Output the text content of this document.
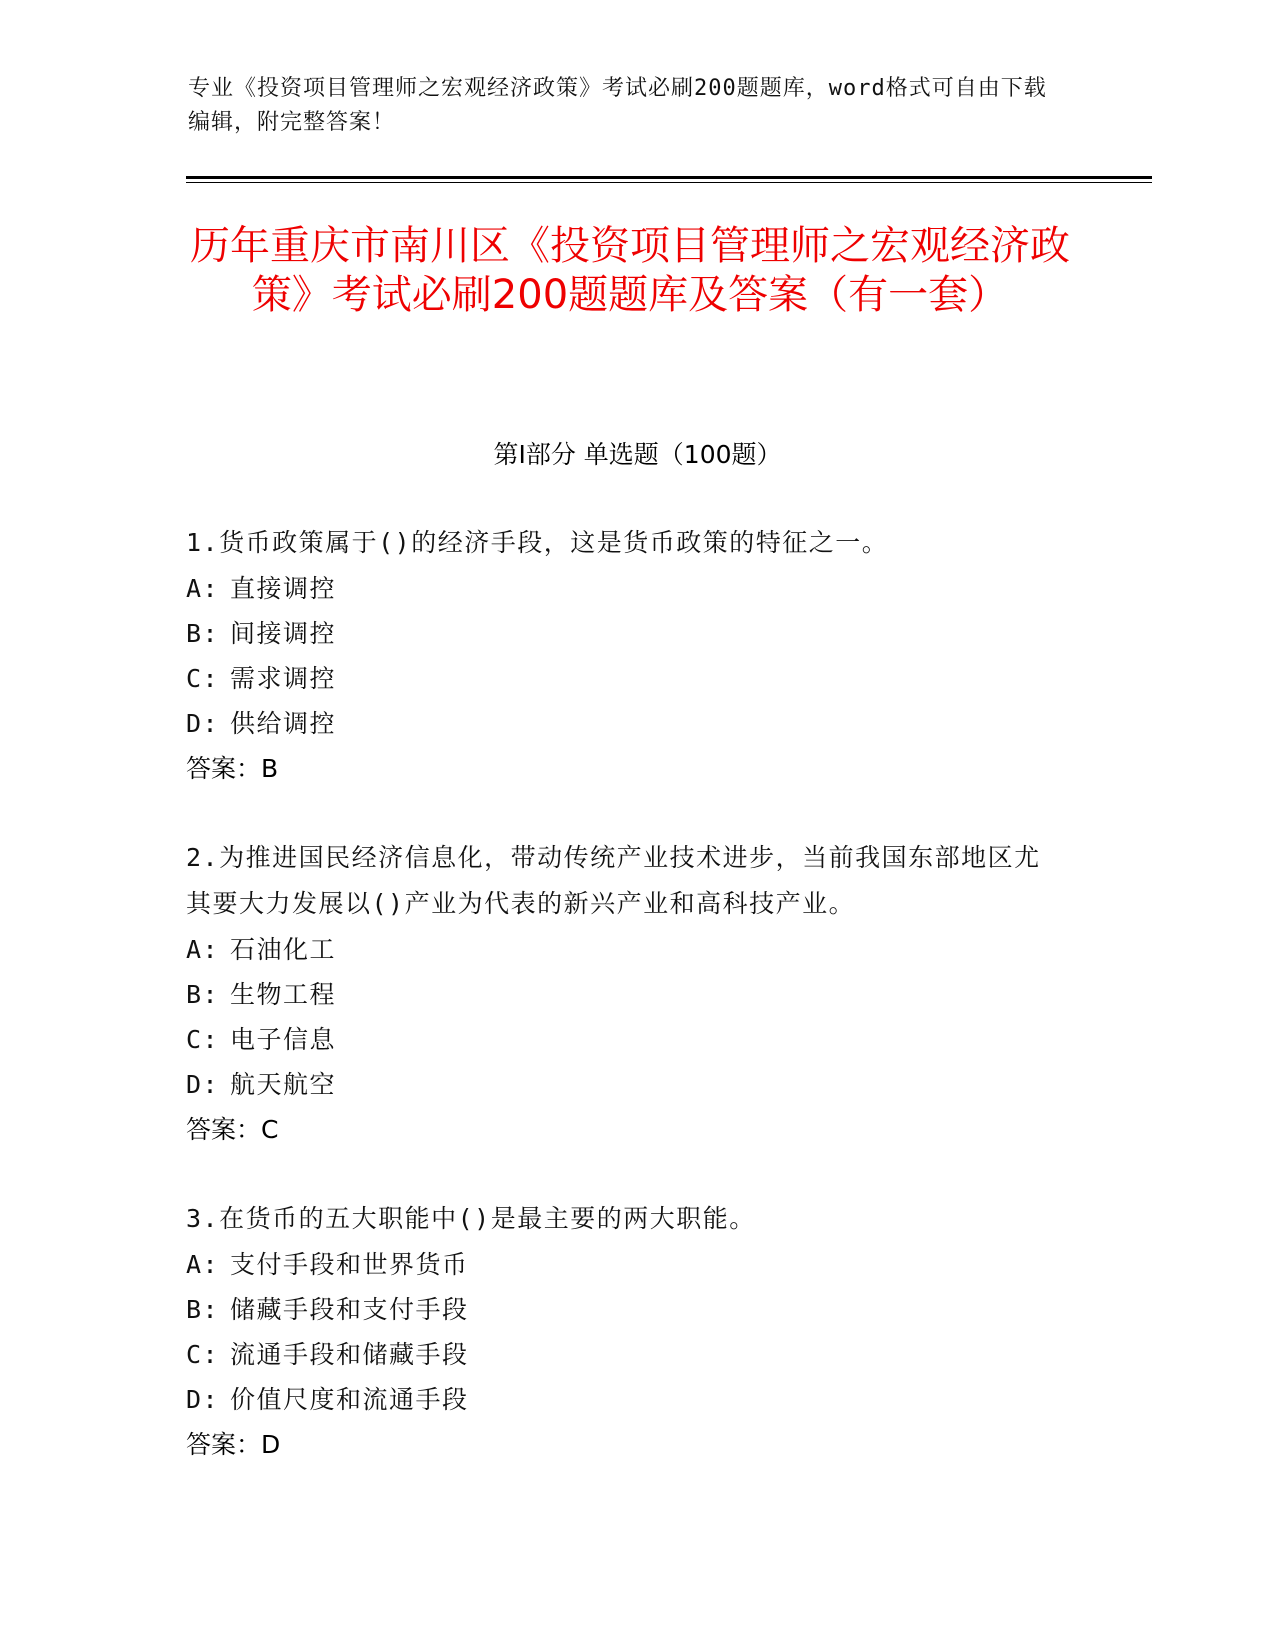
专业《投资项目管理师之宏观经济政策》考试必刷200题题库，word格式可自由下载编辑，附完整答案！
历年重庆市南川区《投资项目管理师之宏观经济政策》考试必刷200题题库及答案（有一套）
第Ⅰ部分 单选题（100题）
1.货币政策属于()的经济手段，这是货币政策的特征之一。
A: 直接调控
B: 间接调控
C: 需求调控
D: 供给调控
答案：B
2.为推进国民经济信息化，带动传统产业技术进步，当前我国东部地区尤其要大力发展以()产业为代表的新兴产业和高科技产业。
A: 石油化工
B: 生物工程
C: 电子信息
D: 航天航空
答案：C
3.在货币的五大职能中()是最主要的两大职能。
A: 支付手段和世界货币
B: 储藏手段和支付手段
C: 流通手段和储藏手段
D: 价值尺度和流通手段
答案：D
